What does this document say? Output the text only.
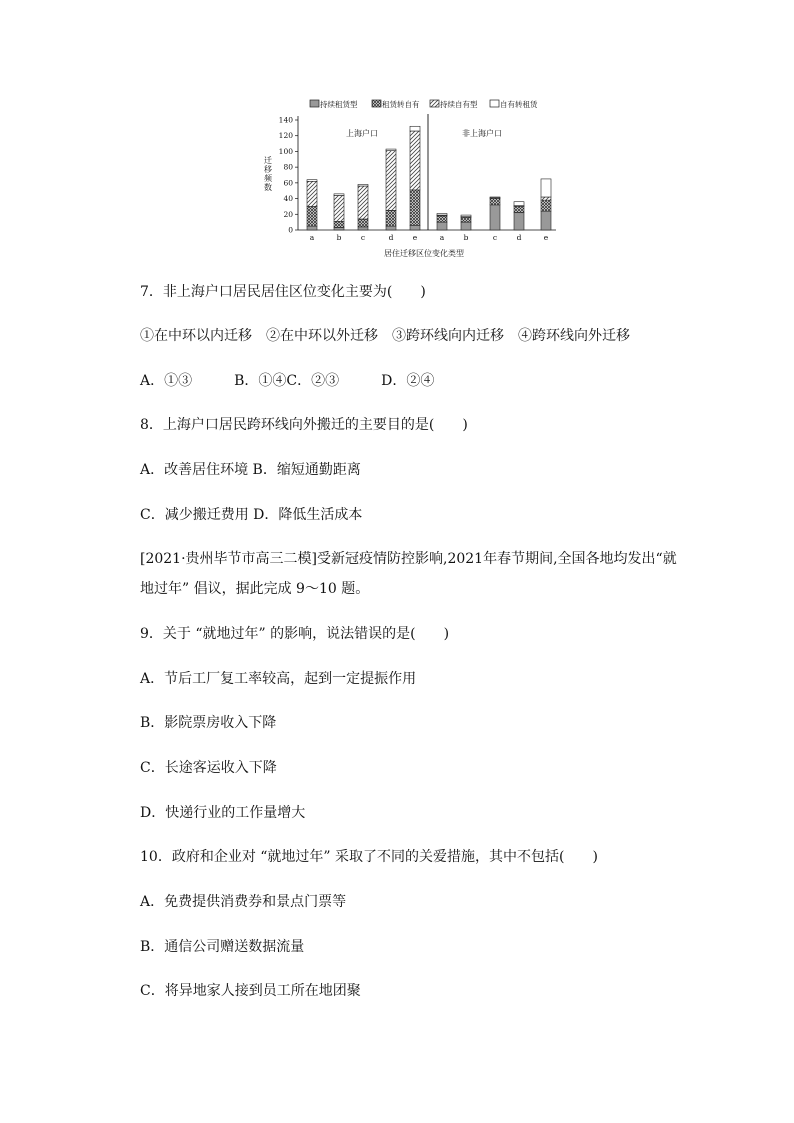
持续租赁型	租赁转自有	持续自有型	自有转租赁
0
20
40
60
80
100
120
140
迁移频数
居住迁移区位变化类型
上海户口	非上海户口
a	b	c	d	e	a	b	c	d	e
7．非上海户口居民居住区位变化主要为(　　)
①在中环以内迁移　②在中环以外迁移　③跨环线向内迁移　④跨环线向外迁移
A．①③　　　B．①④C．②③　　　D．②④
8．上海户口居民跨环线向外搬迁的主要目的是(　　)
A．改善居住环境 B．缩短通勤距离
C．减少搬迁费用 D．降低生活成本
[2021·贵州毕节市高三二模]受新冠疫情防控影响,2021年春节期间,全国各地均发出“就
地过年” 倡议，据此完成 9～10 题。
9．关于 “就地过年” 的影响，说法错误的是(　　)
A．节后工厂复工率较高，起到一定提振作用
B．影院票房收入下降
C．长途客运收入下降
D．快递行业的工作量增大
10．政府和企业对 “就地过年” 采取了不同的关爱措施，其中不包括(　　)
A．免费提供消费券和景点门票等
B．通信公司赠送数据流量
C．将异地家人接到员工所在地团聚
